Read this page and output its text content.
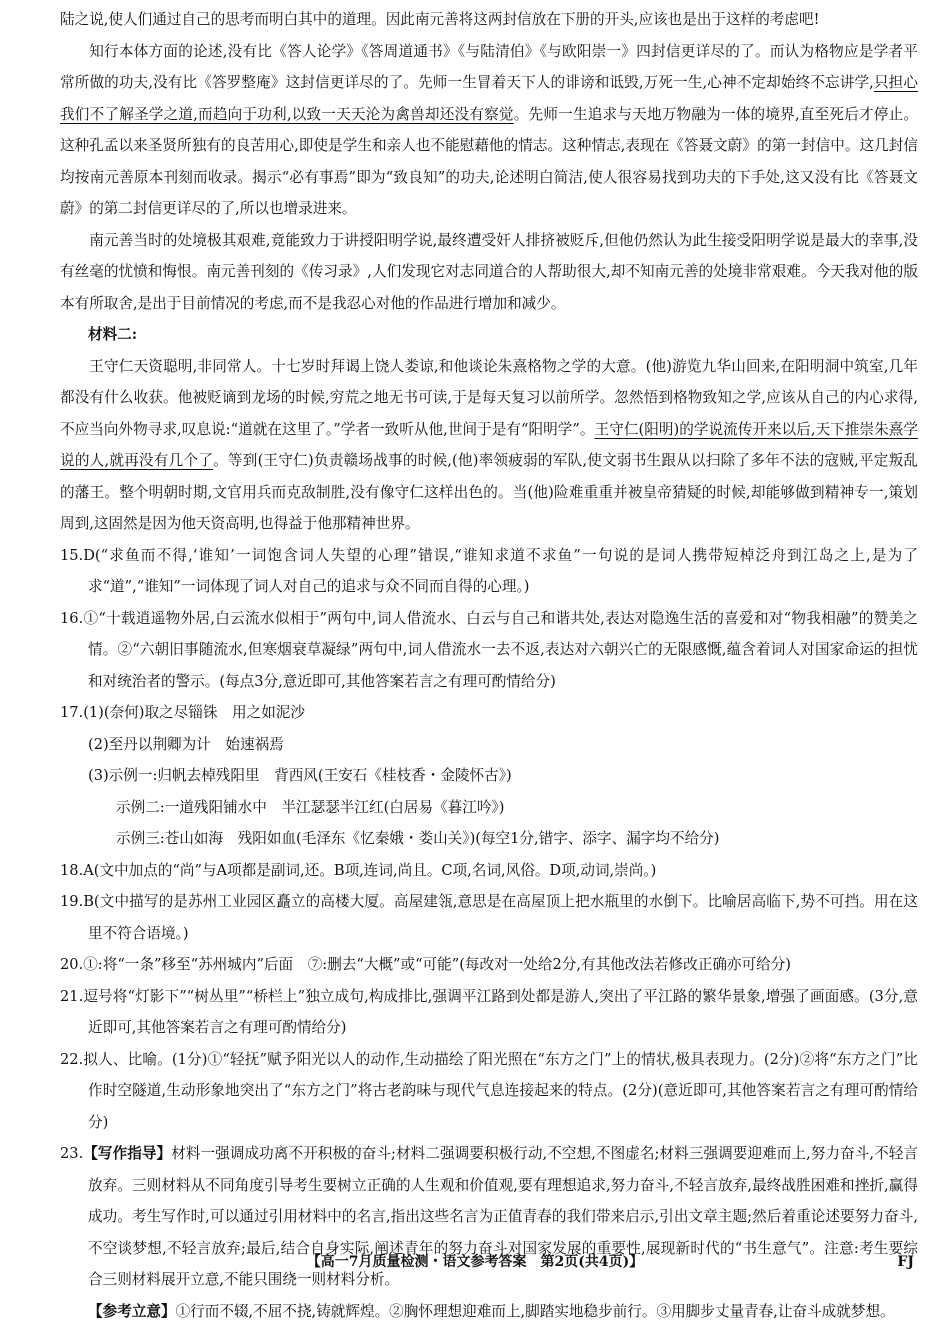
陆之说,使人们通过自己的思考而明白其中的道理。因此南元善将这两封信放在下册的开头,应该也是出于这样的考虑吧!

知行本体方面的论述,没有比《答人论学》《答周道通书》《与陆清伯》《与欧阳崇一》四封信更详尽的了。而认为格物应是学者平常所做的功夫,没有比《答罗整庵》这封信更详尽的了。先师一生冒着天下人的诽谤和诋毁,万死一生,心神不定却始终不忘讲学,只担心我们不了解圣学之道,而趋向于功利,以致一天天沦为禽兽却还没有察觉。先师一生追求与天地万物融为一体的境界,直至死后才停止。这种孔孟以来圣贤所独有的良苦用心,即使是学生和亲人也不能慰藉他的情志。这种情志,表现在《答聂文蔚》的第一封信中。这几封信均按南元善原本刊刻而收录。揭示“必有事焉”即为“致良知”的功夫,论述明白简洁,使人很容易找到功夫的下手处,这又没有比《答聂文蔚》的第二封信更详尽的了,所以也增录进来。

南元善当时的处境极其艰难,竟能致力于讲授阳明学说,最终遭受奸人排挤被贬斥,但他仍然认为此生接受阳明学说是最大的幸事,没有丝毫的忧愤和悔恨。南元善刊刻的《传习录》,人们发现它对志同道合的人帮助很大,却不知南元善的处境非常艰难。今天我对他的版本有所取舍,是出于目前情况的考虑,而不是我忍心对他的作品进行增加和减少。

材料二:

王守仁天资聪明,非同常人。十七岁时拜谒上饶人娄谅,和他谈论朱熹格物之学的大意。(他)游览九华山回来,在阳明洞中筑室,几年都没有什么收获。他被贬谪到龙场的时候,穷荒之地无书可读,于是每天复习以前所学。忽然悟到格物致知之学,应该从自己的内心求得,不应当向外物寻求,叹息说:“道就在这里了。”学者一致听从他,世间于是有“阳明学”。王守仁(阳明)的学说流传开来以后,天下推崇朱熹学说的人,就再没有几个了。等到(王守仁)负责赣场战事的时候,(他)率领疲弱的军队,使文弱书生跟从以扫除了多年不法的寇贼,平定叛乱的藩王。整个明朝时期,文官用兵而克敌制胜,没有像守仁这样出色的。当(他)险难重重并被皇帝猜疑的时候,却能够做到精神专一,策划周到,这固然是因为他天资高明,也得益于他那精神世界。

15.D(“求鱼而不得,‘谁知’一词饱含词人失望的心理”错误,“谁知求道不求鱼”一句说的是词人携带短棹泛舟到江岛之上,是为了求“道”,“谁知”一词体现了词人对自己的追求与众不同而自得的心理。)

16.①“十载逍遥物外居,白云流水似相于”两句中,词人借流水、白云与自己和谐共处,表达对隐逸生活的喜爱和对“物我相融”的赞美之情。②“六朝旧事随流水,但寒烟衰草凝绿”两句中,词人借流水一去不返,表达对六朝兴亡的无限感慨,蕴含着词人对国家命运的担忧和对统治者的警示。(每点3分,意近即可,其他答案若言之有理可酌情给分)

17.(1)(奈何)取之尽锱铢　用之如泥沙

(2)至丹以荆卿为计　始速祸焉

(3)示例一:归帆去棹残阳里　背西风(王安石《桂枝香・金陵怀古》)

示例二:一道残阳铺水中　半江瑟瑟半江红(白居易《暮江吟》)

示例三:苍山如海　残阳如血(毛泽东《忆秦娥・娄山关》)(每空1分,错字、添字、漏字均不给分)

18.A(文中加点的“尚”与A项都是副词,还。B项,连词,尚且。C项,名词,风俗。D项,动词,崇尚。)

19.B(文中描写的是苏州工业园区矗立的高楼大厦。高屋建瓴,意思是在高屋顶上把水瓶里的水倒下。比喻居高临下,势不可挡。用在这里不符合语境。)

20.①:将“一条”移至“苏州城内”后面　⑦:删去“大概”或“可能”(每改对一处给2分,有其他改法若修改正确亦可给分)

21.逗号将“灯影下”“树丛里”“桥栏上”独立成句,构成排比,强调平江路到处都是游人,突出了平江路的繁华景象,增强了画面感。(3分,意近即可,其他答案若言之有理可酌情给分)

22.拟人、比喻。(1分)①“轻抚”赋予阳光以人的动作,生动描绘了阳光照在“东方之门”上的情状,极具表现力。(2分)②将“东方之门”比作时空隧道,生动形象地突出了“东方之门”将古老韵味与现代气息连接起来的特点。(2分)(意近即可,其他答案若言之有理可酌情给分)

23.【写作指导】材料一强调成功离不开积极的奋斗;材料二强调要积极行动,不空想,不图虚名;材料三强调要迎难而上,努力奋斗,不轻言放弃。三则材料从不同角度引导考生要树立正确的人生观和价值观,要有理想追求,努力奋斗,不轻言放弃,最终战胜困难和挫折,赢得成功。考生写作时,可以通过引用材料中的名言,指出这些名言为正值青春的我们带来启示,引出文章主题;然后着重论述要努力奋斗,不空谈梦想,不轻言放弃;最后,结合自身实际,阐述青年的努力奋斗对国家发展的重要性,展现新时代的“书生意气”。注意:考生要综合三则材料展开立意,不能只围绕一则材料分析。

【参考立意】①行而不辍,不屈不挠,铸就辉煌。②胸怀理想迎难而上,脚踏实地稳步前行。③用脚步丈量青春,让奋斗成就梦想。

【高一7月质量检测・语文参考答案　第2页(共4页)】	FJ
